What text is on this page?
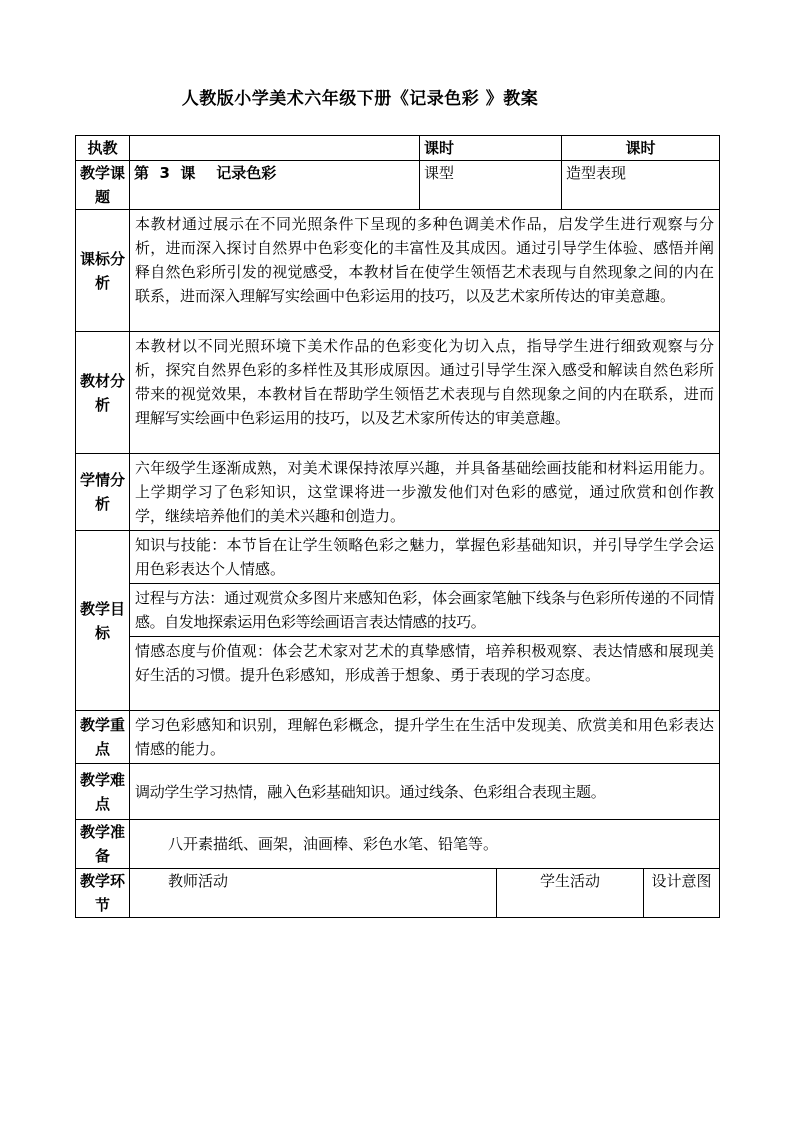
人教版小学美术六年级下册《记录色彩 》教案
执教		课时		课时	
教学课题	第  3  课    记录色彩	课型		造型表现	
课标分析	本教材通过展示在不同光照条件下呈现的多种色调美术作品，启发学生进行观察与分析，进而深入探讨自然界中色彩变化的丰富性及其成因。通过引导学生体验、感悟并阐释自然色彩所引发的视觉感受，本教材旨在使学生领悟艺术表现与自然现象之间的内在联系，进而深入理解写实绘画中色彩运用的技巧，以及艺术家所传达的审美意趣。				
教材分析	本教材以不同光照环境下美术作品的色彩变化为切入点，指导学生进行细致观察与分析，探究自然界色彩的多样性及其形成原因。通过引导学生深入感受和解读自然色彩所带来的视觉效果，本教材旨在帮助学生领悟艺术表现与自然现象之间的内在联系，进而理解写实绘画中色彩运用的技巧，以及艺术家所传达的审美意趣。				
学情分析	六年级学生逐渐成熟，对美术课保持浓厚兴趣，并具备基础绘画技能和材料运用能力。上学期学习了色彩知识，这堂课将进一步激发他们对色彩的感觉，通过欣赏和创作教学，继续培养他们的美术兴趣和创造力。				
教学目标	知识与技能：本节旨在让学生领略色彩之魅力，掌握色彩基础知识，并引导学生学会运用色彩表达个人情感。				
	过程与方法：通过观赏众多图片来感知色彩，体会画家笔触下线条与色彩所传递的不同情感。自发地探索运用色彩等绘画语言表达情感的技巧。				
	情感态度与价值观：体会艺术家对艺术的真挚感情，培养积极观察、表达情感和展现美好生活的习惯。提升色彩感知，形成善于想象、勇于表现的学习态度。				
教学重点	学习色彩感知和识别，理解色彩概念，提升学生在生活中发现美、欣赏美和用色彩表达情感的能力。				
教学难点	调动学生学习热情，融入色彩基础知识。通过线条、色彩组合表现主题。				
教学准备	八开素描纸、画架，油画棒、彩色水笔、铅笔等。				
教学环节	教师活动		学生活动		设计意图
